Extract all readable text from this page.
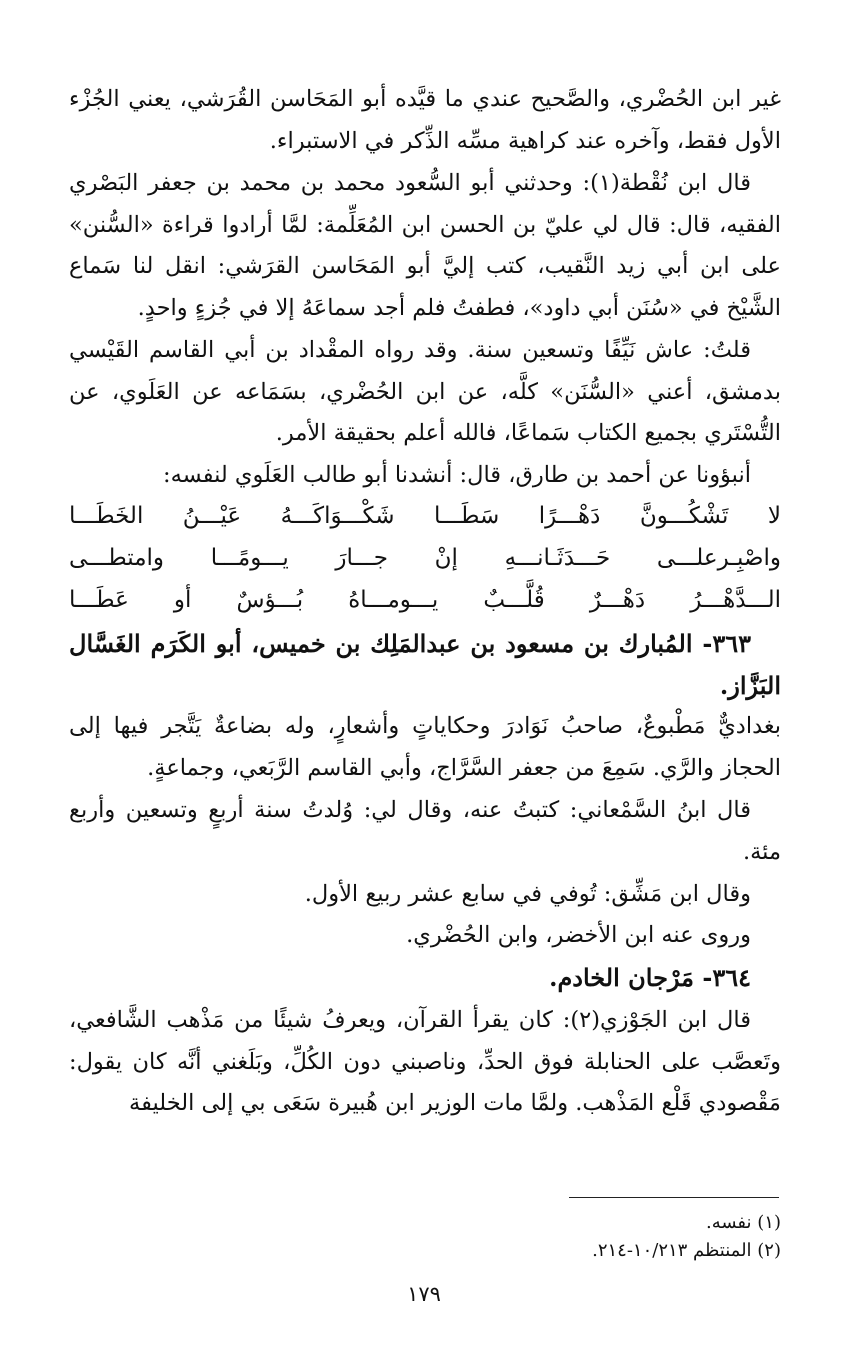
غير ابن الحُضْري، والصَّحيح عندي ما قيَّده أبو المَحَاسن القُرَشي، يعني الجُزْء الأول فقط، وآخره عند كراهية مسِّه الذِّكر في الاستبراء.
قال ابن نُقْطة(١): وحدثني أبو السُّعود محمد بن محمد بن جعفر البَصْري الفقيه، قال: قال لي عليّ بن الحسن ابن المُعَلِّمة: لمَّا أرادوا قراءة «السُّنن» على ابن أبي زيد النَّقيب، كتب إليَّ أبو المَحَاسن القرَشي: انقل لنا سَماع الشَّيْخ في «سُنَن أبي داود»، فطفتُ فلم أجد سماعَهُ إلا في جُزءٍ واحدٍ.
قلتُ: عاش نَيِّفًا وتسعين سنة. وقد رواه المقْداد بن أبي القاسم القَيْسي بدمشق، أعني «السُّنَن» كلَّه، عن ابن الحُضْري، بسَمَاعه عن العَلَوي، عن التُّسْتَري بجميع الكتاب سَماعًا، فالله أعلم بحقيقة الأمر.
أنبؤونا عن أحمد بن طارق، قال: أنشدنا أبو طالب العَلَوي لنفسه:
لا تَشْكُـــونَّ دَهْـــرًا سَطَـــا شَكْـــوَاكَـــهُ عَيْـــنُ الخَطَـــا
واصْبِـرعلـــى حَـــدَثَـانـــهِ إنْ جـــارَ يـــومًـــا وامتطـــى
الـــدَّهْـــرُ دَهْـــرٌ قُلَّـــبٌ يـــومـــاهُ بُـــؤسٌ أو عَطَـــا
٣٦٣- المُبارك بن مسعود بن عبدالمَلِك بن خميس، أبو الكَرَم الغَسَّال البَزَّاز.
بغداديٌّ مَطْبوعٌ، صاحبُ نَوَادرَ وحكاياتٍ وأشعارٍ، وله بضاعةٌ يَتَّجر فيها إلى الحجاز والرَّي. سَمِعَ من جعفر السَّرَّاج، وأبي القاسم الرَّبَعي، وجماعةٍ.
قال ابنُ السَّمْعاني: كتبتُ عنه، وقال لي: وُلدتُ سنة أربعٍ وتسعين وأربع مئة.
وقال ابن مَشِّق: تُوفي في سابع عشر ربيع الأول.
وروى عنه ابن الأخضر، وابن الحُضْري.
٣٦٤- مَرْجان الخادم.
قال ابن الجَوْزي(٢): كان يقرأ القرآن، ويعرفُ شيئًا من مَذْهب الشَّافعي، وتَعصَّب على الحنابلة فوق الحدِّ، وناصبني دون الكُلِّ، وبَلَغني أنَّه كان يقول: مَقْصودي قَلْع المَذْهب. ولمَّا مات الوزير ابن هُبيرة سَعَى بي إلى الخليفة
(١) نفسه.
(٢) المنتظم ١٠/٢١٣-٢١٤.
١٧٩
